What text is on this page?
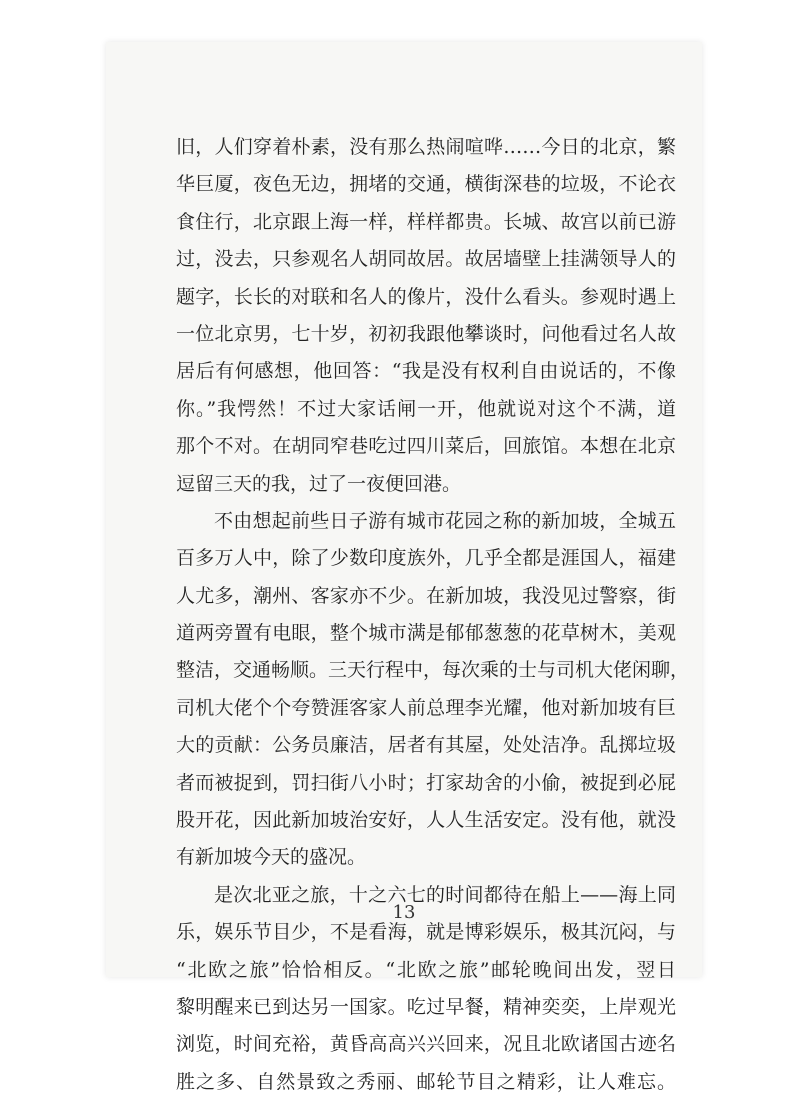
旧，人们穿着朴素，没有那么热闹喧哗……今日的北京，繁
华巨厦，夜色无边，拥堵的交通，横街深巷的垃圾，不论衣
食住行，北京跟上海一样，样样都贵。长城、故宫以前已游
过，没去，只参观名人胡同故居。故居墙壁上挂满领导人的
题字，长长的对联和名人的像片，没什么看头。参观时遇上
一位北京男，七十岁，初初我跟他攀谈时，问他看过名人故
居后有何感想，他回答：“我是没有权利自由说话的，不像
你。”我愕然！不过大家话闸一开，他就说对这个不满，道
那个不对。在胡同窄巷吃过四川菜后，回旅馆。本想在北京
逗留三天的我，过了一夜便回港。

不由想起前些日子游有城市花园之称的新加坡，全城五
百多万人中，除了少数印度族外，几乎全都是涯国人，福建
人尤多，潮州、客家亦不少。在新加坡，我没见过警察，街
道两旁置有电眼，整个城市满是郁郁葱葱的花草树木，美观
整洁，交通畅顺。三天行程中，每次乘的士与司机大佬闲聊，
司机大佬个个夸赞涯客家人前总理李光耀，他对新加坡有巨
大的贡献：公务员廉洁，居者有其屋，处处洁净。乱掷垃圾
者而被捉到，罚扫街八小时；打家劫舍的小偷，被捉到必屁
股开花，因此新加坡治安好，人人生活安定。没有他，就没
有新加坡今天的盛况。

是次北亚之旅，十之六七的时间都待在船上——海上同
乐，娱乐节目少，不是看海，就是博彩娱乐，极其沉闷，与
“北欧之旅”恰恰相反。“北欧之旅”邮轮晚间出发，翌日
黎明醒来已到达另一国家。吃过早餐，精神奕奕，上岸观光
浏览，时间充裕，黄昏高高兴兴回来，况且北欧诸国古迹名
胜之多、自然景致之秀丽、邮轮节目之精彩，让人难忘。

13
